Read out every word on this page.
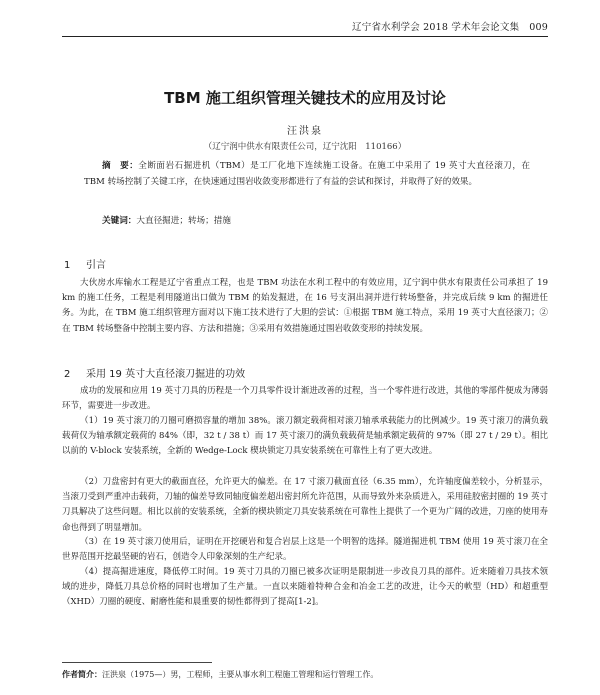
辽宁省水利学会 2018 学术年会论文集 009
TBM 施工组织管理关键技术的应用及讨论
汪洪泉
（辽宁润中供水有限责任公司，辽宁沈阳　110166）
摘　要：全断面岩石掘进机（TBM）是工厂化地下连续施工设备。在施工中采用了 19 英寸大直径滚刀，在 TBM 转场控制了关键工序，在快速通过围岩收敛变形都进行了有益的尝试和探讨，并取得了好的效果。
关键词：大直径掘进；转场；措施
1 引言
大伙房水库输水工程是辽宁省重点工程，也是 TBM 功法在水利工程中的有效应用，辽宁润中供水有限责任公司承担了 19 km 的施工任务，工程是利用隧道出口做为 TBM 的始发掘进，在 16 号支洞出洞并进行转场整备，并完成后续 9 km 的掘进任务。为此，在 TBM 施工组织管理方面对以下施工技术进行了大胆的尝试：①根据 TBM 施工特点，采用 19 英寸大直径滚刀；②在 TBM 转场整备中控制主要内容、方法和措施；③采用有效措施通过围岩收敛变形的持续发展。
2 采用 19 英寸大直径滚刀掘进的功效
成功的发展和应用 19 英寸刀具的历程是一个刀具零件设计渐进改善的过程，当一个零件进行改进，其他的零部件便成为薄弱环节，需要进一步改进。
（1）19 英寸滚刀的刀圈可磨损容量的增加 38%。滚刀额定载荷相对滚刀轴承承载能力的比例减少。19 英寸滚刀的满负载载荷仅为轴承额定载荷的 84%（即，32 t / 38 t）而 17 英寸滚刀的满负载载荷是轴承额定载荷的 97%（即 27 t / 29 t）。相比以前的 V-block 安装系统，全新的 Wedge-Lock 楔块锁定刀具安装系统在可靠性上有了更大改进。
（2）刀盘密封有更大的截面直径，允许更大的偏差。在 17 寸滚刀截面直径（6.35 mm），允许轴度偏差较小，分析显示，当滚刀受到严重冲击载荷，刀轴的偏差导致同轴度偏差超出密封所允许范围，从而导致外来杂质进入，采用硅胶密封圈的 19 英寸刀具解决了这些问题。相比以前的安装系统，全新的楔块锁定刀具安装系统在可靠性上提供了一个更为广阔的改进，刀座的使用寿命也得到了明显增加。
（3）在 19 英寸滚刀使用后，证明在开挖硬岩和复合岩层上这是一个明智的选择。隧道掘进机 TBM 使用 19 英寸滚刀在全世界范围开挖最坚硬的岩石，创造令人印象深刻的生产纪录。
（4）提高掘进速度，降低停工时间。19 英寸刀具的刀圈已被多次证明是限制进一步改良刀具的部件。近来随着刀具技术领域的进步，降低刀具总价格的同时也增加了生产量。一直以来随着特种合金和冶金工艺的改进，让今天的軟型（HD）和超重型（XHD）刀圈的硬度、耐磨性能和晨重要的韧性都得到了提高[1-2]。
作者简介：汪洪泉（1975—）男，工程师，主要从事水利工程施工管理和运行管理工作。
